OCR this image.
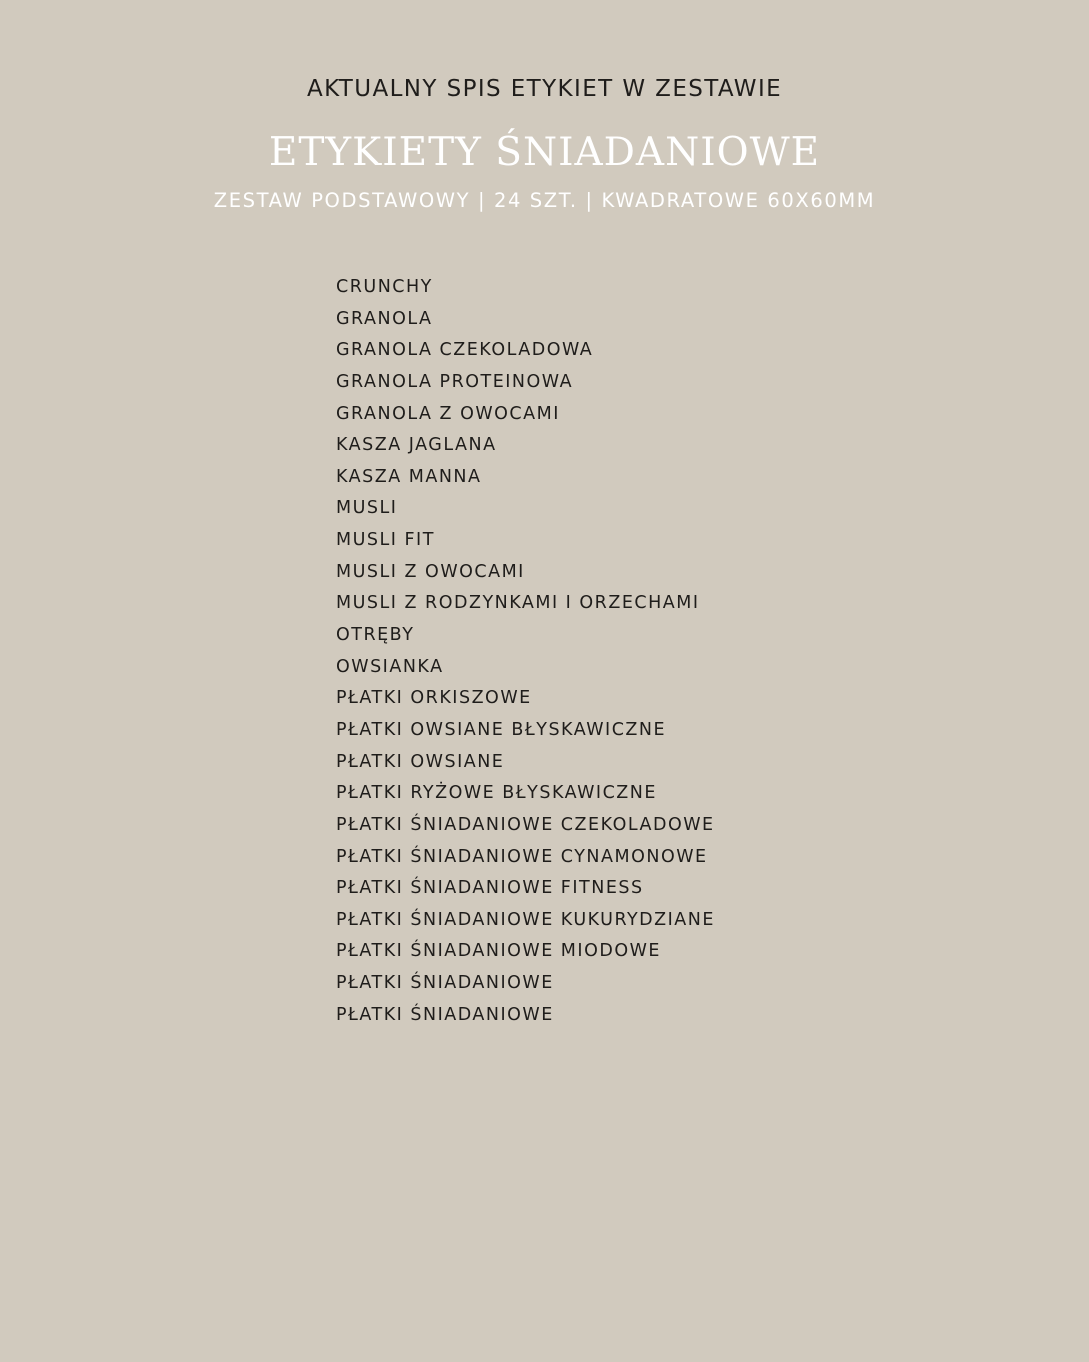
AKTUALNY SPIS ETYKIET W ZESTAWIE
ETYKIETY ŚNIADANIOWE
ZESTAW PODSTAWOWY | 24 SZT. | KWADRATOWE 60X60MM
CRUNCHY
GRANOLA
GRANOLA CZEKOLADOWA
GRANOLA PROTEINOWA
GRANOLA Z OWOCAMI
KASZA JAGLANA
KASZA MANNA
MUSLI
MUSLI FIT
MUSLI Z OWOCAMI
MUSLI Z RODZYNKAMI I ORZECHAMI
OTRĘBY
OWSIANKA
PŁATKI ORKISZOWE
PŁATKI OWSIANE BŁYSKAWICZNE
PŁATKI OWSIANE
PŁATKI RYŻOWE BŁYSKAWICZNE
PŁATKI ŚNIADANIOWE CZEKOLADOWE
PŁATKI ŚNIADANIOWE CYNAMONOWE
PŁATKI ŚNIADANIOWE FITNESS
PŁATKI ŚNIADANIOWE KUKURYDZIANE
PŁATKI ŚNIADANIOWE MIODOWE
PŁATKI ŚNIADANIOWE
PŁATKI ŚNIADANIOWE
